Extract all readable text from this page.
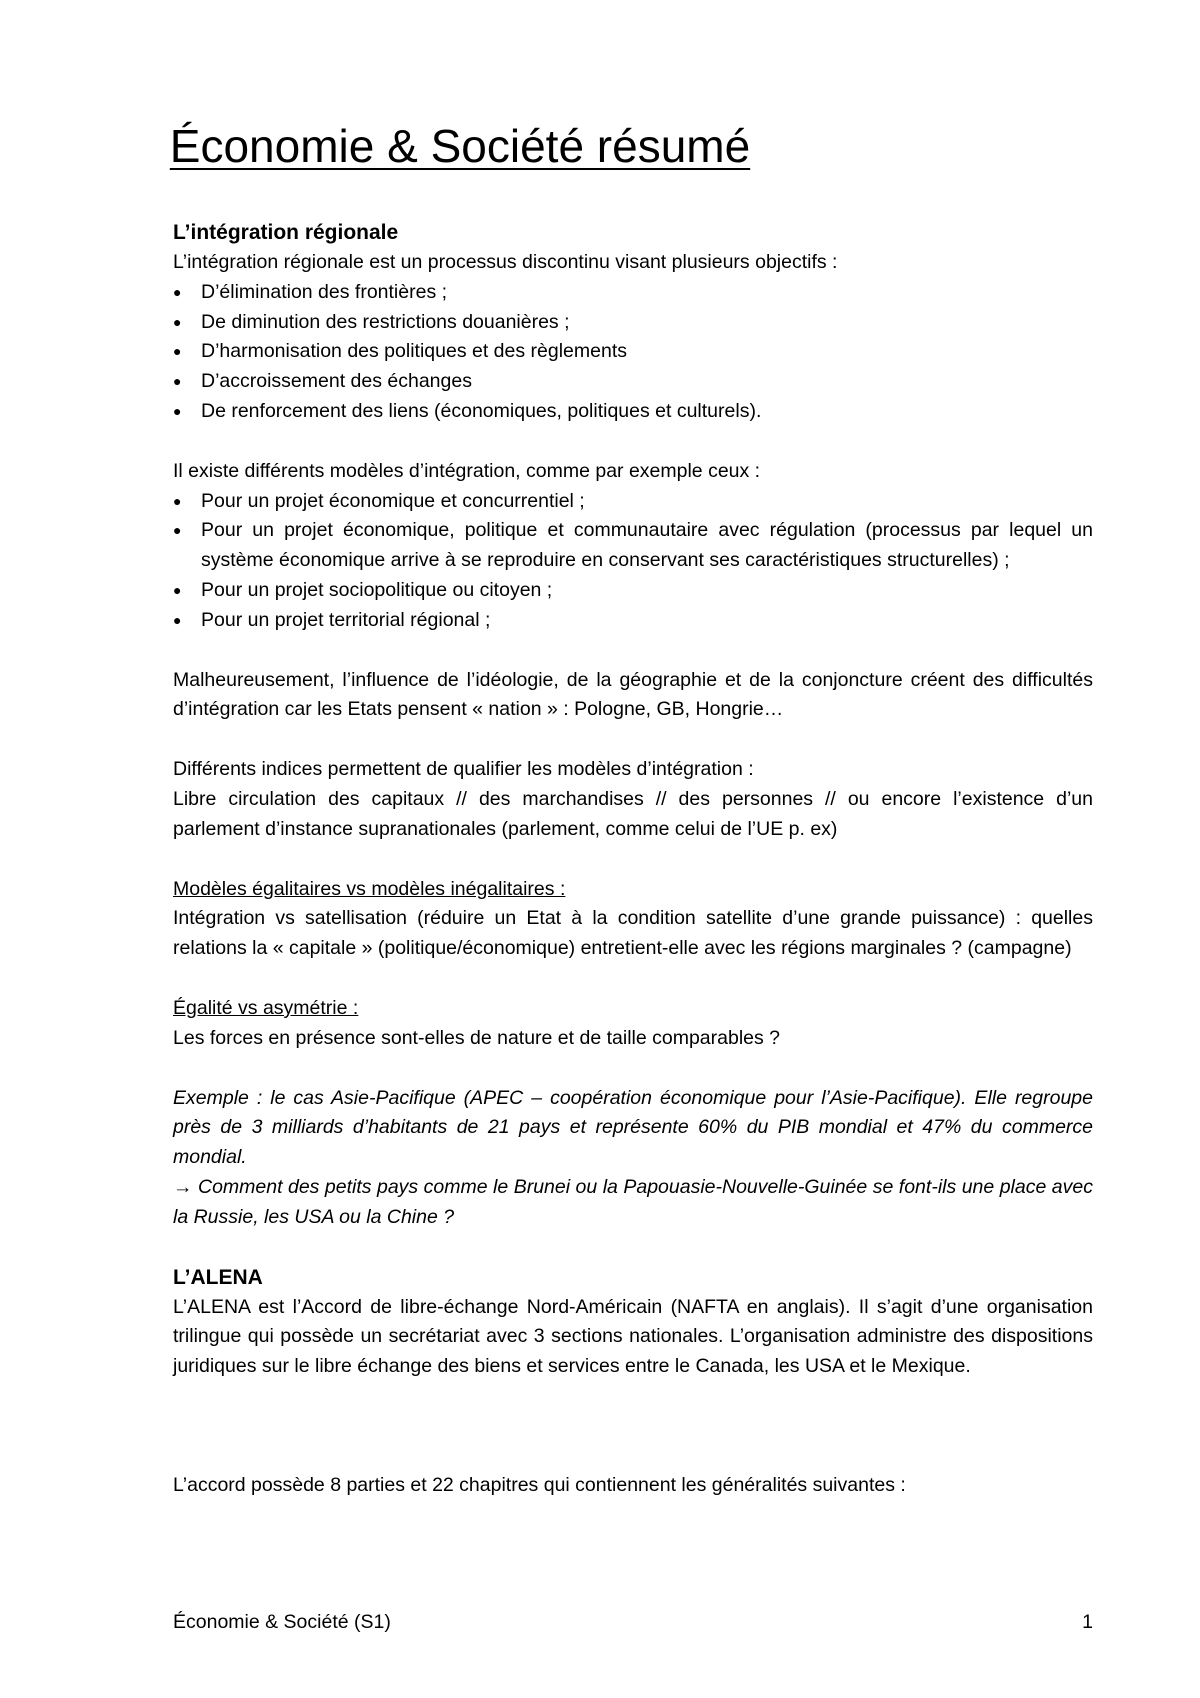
Économie & Société résumé

L’intégration régionale

L’intégration régionale est un processus discontinu visant plusieurs objectifs :

●	D’élimination des frontières ;
●	De diminution des restrictions douanières ;
●	D’harmonisation des politiques et des règlements
●	D’accroissement des échanges
●	De renforcement des liens (économiques, politiques et culturels).

Il existe différents modèles d’intégration, comme par exemple ceux :

●	Pour un projet économique et concurrentiel ;
●	Pour un projet économique, politique et communautaire avec régulation (processus par lequel un système économique arrive à se reproduire en conservant ses caractéristiques structurelles) ;
●	Pour un projet sociopolitique ou citoyen ;
●	Pour un projet territorial régional ;

Malheureusement, l’influence de l’idéologie, de la géographie et de la conjoncture créent des difficultés d’intégration car les Etats pensent « nation » : Pologne, GB, Hongrie…

Différents indices permettent de qualifier les modèles d’intégration :

Libre circulation des capitaux // des marchandises // des personnes // ou encore l’existence d’un parlement d’instance supranationales (parlement, comme celui de l’UE p. ex)

Modèles égalitaires vs modèles inégalitaires :

Intégration vs satellisation (réduire un Etat à la condition satellite d’une grande puissance) : quelles relations la « capitale » (politique/économique) entretient-elle avec les régions marginales ? (campagne)

Égalité vs asymétrie :

Les forces en présence sont-elles de nature et de taille comparables ?

Exemple : le cas Asie-Pacifique (APEC – coopération économique pour l’Asie-Pacifique). Elle regroupe près de 3 milliards d’habitants de 21 pays et représente 60% du PIB mondial et 47% du commerce mondial.

→ Comment des petits pays comme le Brunei ou la Papouasie-Nouvelle-Guinée se font-ils une place avec la Russie, les USA ou la Chine ?

L’ALENA

L’ALENA est l’Accord de libre-échange Nord-Américain (NAFTA en anglais). Il s’agit d’une organisation trilingue qui possède un secrétariat avec 3 sections nationales. L’organisation administre des dispositions juridiques sur le libre échange des biens et services entre le Canada, les USA et le Mexique.

L’accord possède 8 parties et 22 chapitres qui contiennent les généralités suivantes :

Économie & Société (S1)	1
